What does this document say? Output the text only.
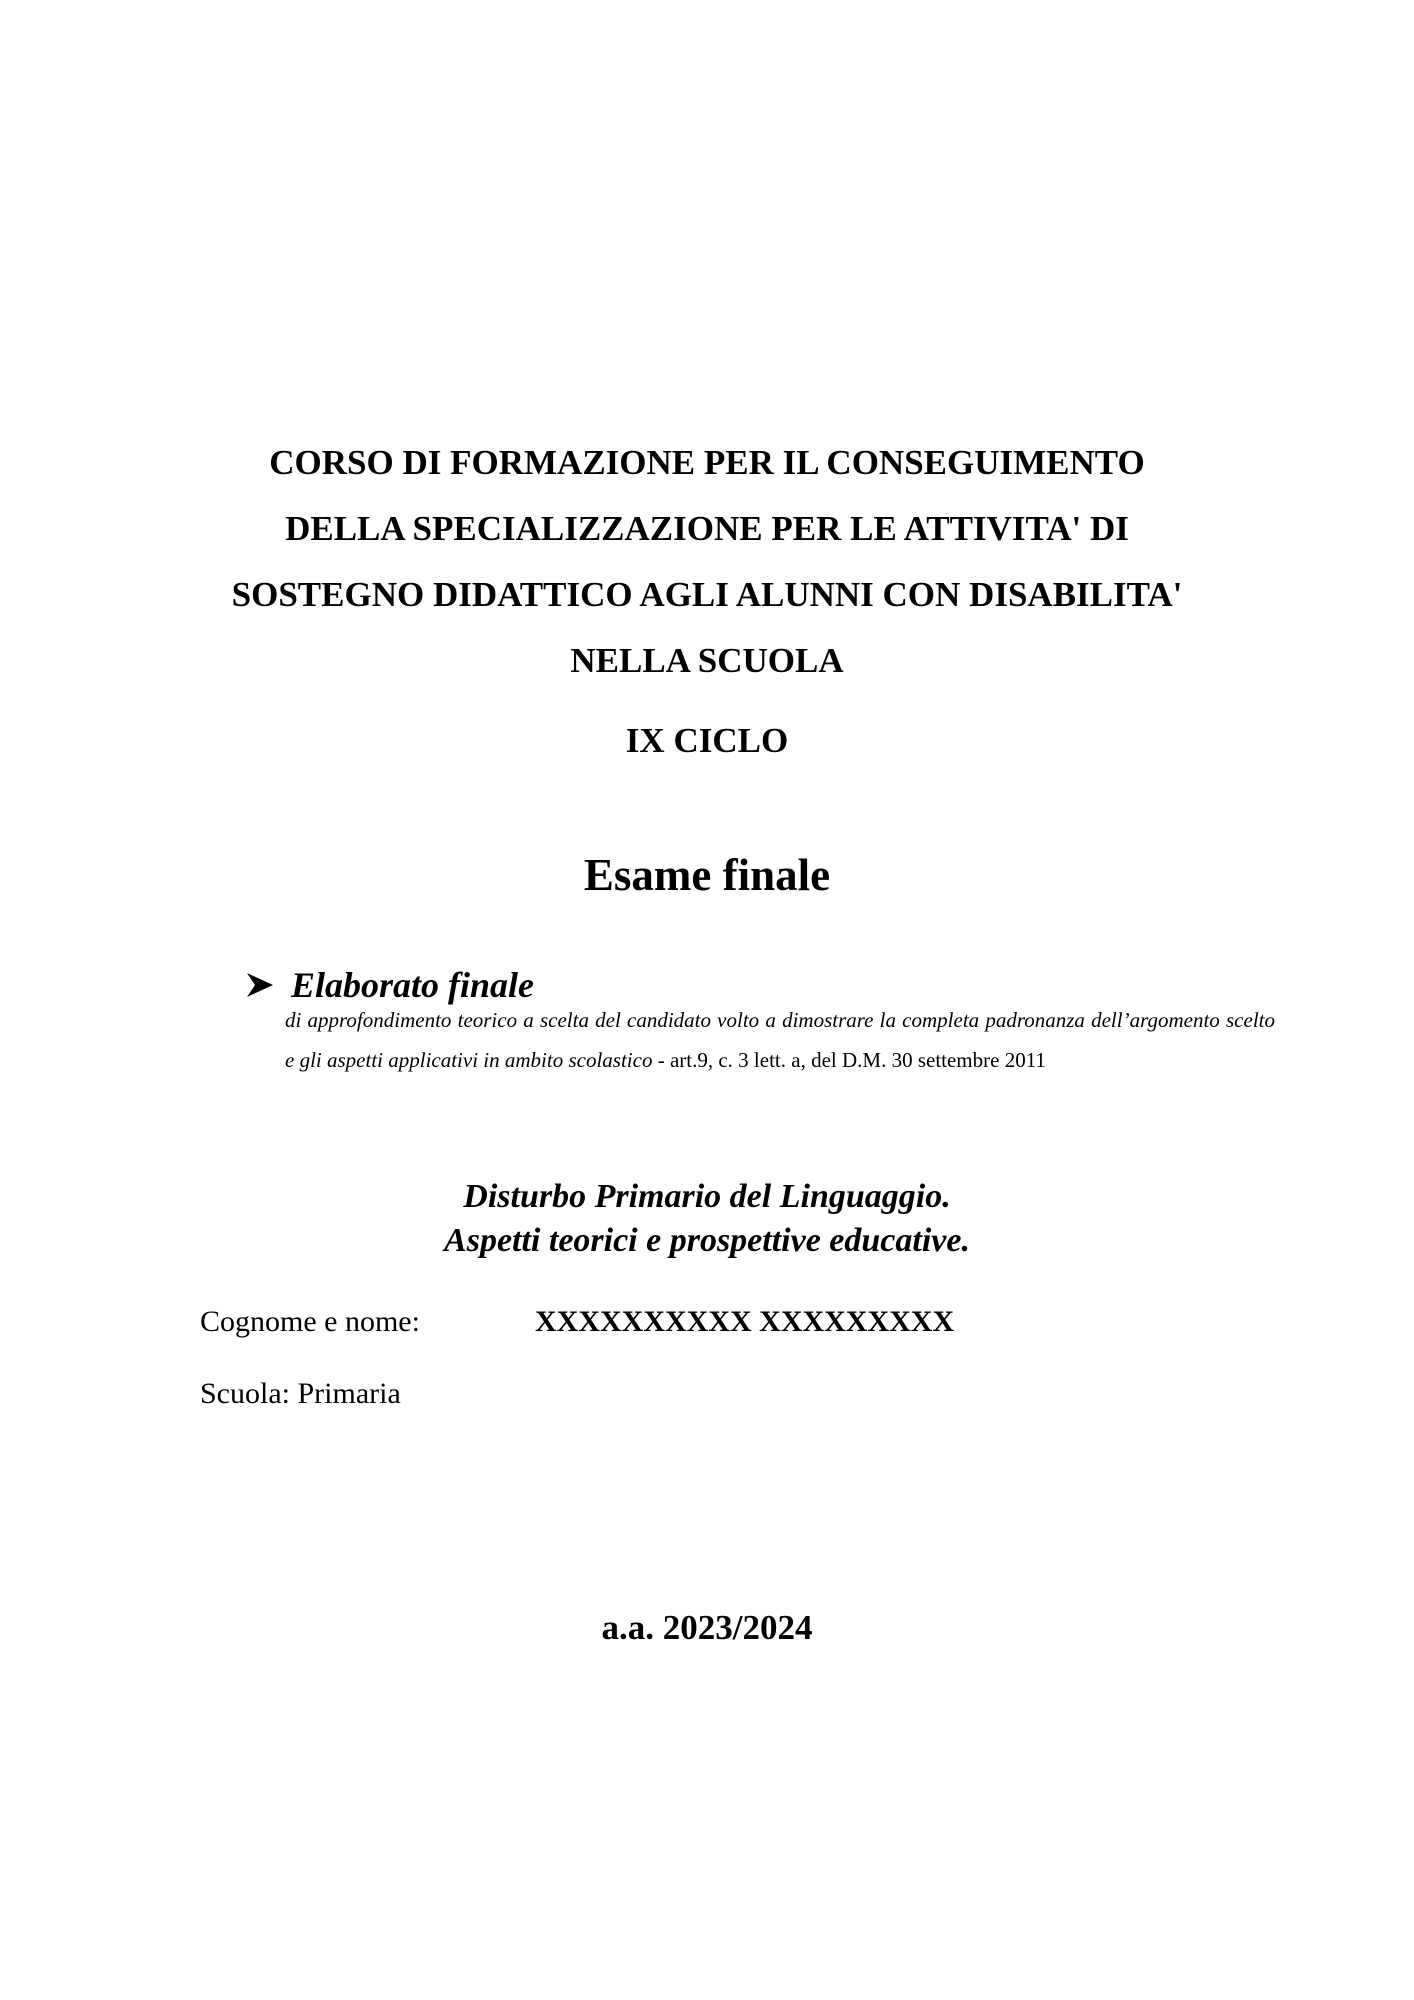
CORSO DI FORMAZIONE PER IL CONSEGUIMENTO
DELLA SPECIALIZZAZIONE PER LE ATTIVITA' DI
SOSTEGNO DIDATTICO AGLI ALUNNI CON DISABILITA'
NELLA SCUOLA
IX CICLO
Esame finale
Elaborato finale
di approfondimento teorico a scelta del candidato volto a dimostrare la completa padronanza dell’argomento scelto e gli aspetti applicativi in ambito scolastico - art.9, c. 3 lett. a, del D.M. 30 settembre 2011
Disturbo Primario del Linguaggio.
Aspetti teorici e prospettive educative.
Cognome e nome:	XXXXXXXXXX XXXXXXXXX
Scuola: Primaria
a.a. 2023/2024
